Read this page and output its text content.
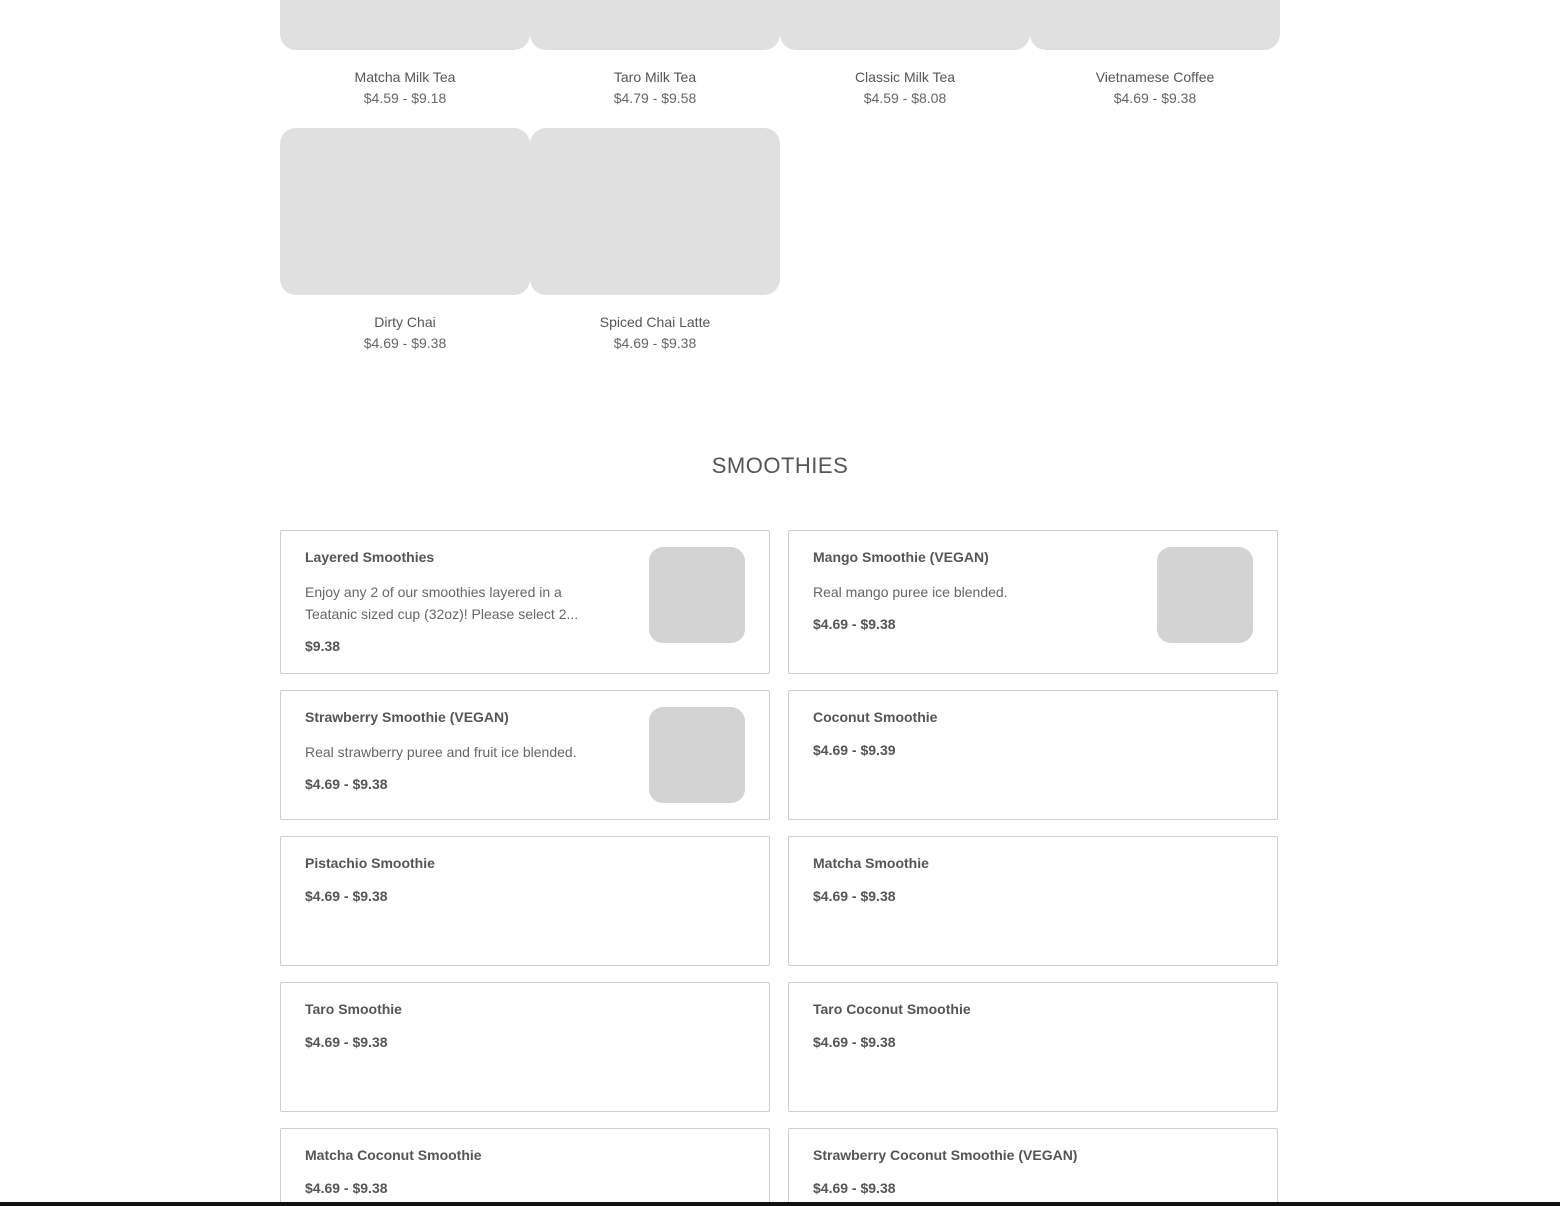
Matcha Milk Tea
$4.59 - $9.18
Taro Milk Tea
$4.79 - $9.58
Classic Milk Tea
$4.59 - $8.08
Vietnamese Coffee
$4.69 - $9.38
Dirty Chai
$4.69 - $9.38
Spiced Chai Latte
$4.69 - $9.38
SMOOTHIES
Layered Smoothies
Enjoy any 2 of our smoothies layered in a Teatanic sized cup (32oz)! Please select 2...
$9.38
Mango Smoothie (VEGAN)
Real mango puree ice blended.
$4.69 - $9.38
Strawberry Smoothie (VEGAN)
Real strawberry puree and fruit ice blended.
$4.69 - $9.38
Coconut Smoothie
$4.69 - $9.39
Pistachio Smoothie
$4.69 - $9.38
Matcha Smoothie
$4.69 - $9.38
Taro Smoothie
$4.69 - $9.38
Taro Coconut Smoothie
$4.69 - $9.38
Matcha Coconut Smoothie
$4.69 - $9.38
Strawberry Coconut Smoothie (VEGAN)
$4.69 - $9.38
